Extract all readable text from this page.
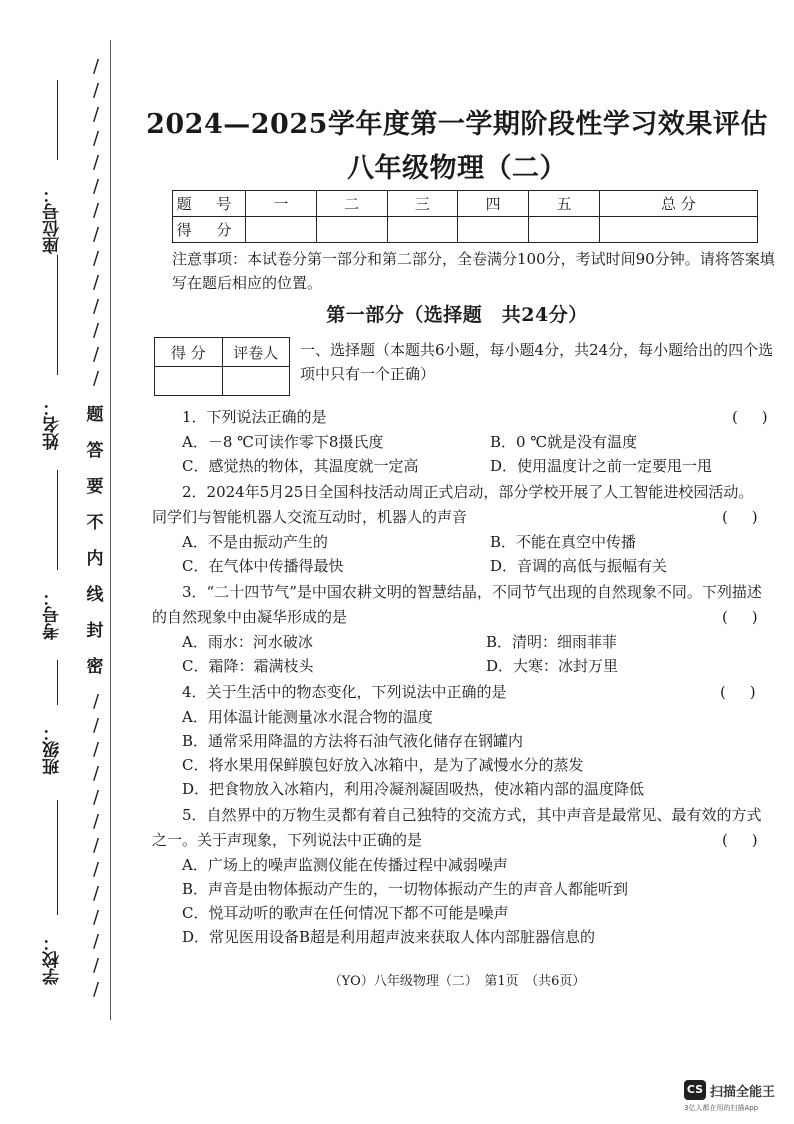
座位号：
姓名：
考号：
班级：
学校：
/
/
/
/
/
/
/
/
/
/
/
/
/
/
题
答
要
不
内
线
封
密
/
/
/
/
/
/
/
/
/
/
/
/
/
2024—2025学年度第一学期阶段性学习效果评估
八年级物理（二）
题 号	一	二	三	四	五	总 分
得 分						
注意事项：本试卷分第一部分和第二部分，全卷满分100分，考试时间90分钟。请将答案填写在题后相应的位置。
第一部分（选择题　共24分）
得 分	评卷人
	一、选择题（本题共6小题，每小题4分，共24分，每小题给出的四个选项中只有一个正确）
1．下列说法正确的是	(     )
A．－8 ℃可读作零下8摄氏度	B．0 ℃就是没有温度
C．感觉热的物体，其温度就一定高	D．使用温度计之前一定要甩一甩
2．2024年5月25日全国科技活动周正式启动，部分学校开展了人工智能进校园活动。
同学们与智能机器人交流互动时，机器人的声音	(     )
A．不是由振动产生的	B．不能在真空中传播
C．在气体中传播得最快	D．音调的高低与振幅有关
3．“二十四节气”是中国农耕文明的智慧结晶，不同节气出现的自然现象不同。下列描述
的自然现象中由凝华形成的是	(     )
A．雨水：河水破冰	B．清明：细雨菲菲
C．霜降：霜满枝头	D．大寒：冰封万里
4．关于生活中的物态变化，下列说法中正确的是	(     )
A．用体温计能测量冰水混合物的温度
B．通常采用降温的方法将石油气液化储存在钢罐内
C．将水果用保鲜膜包好放入冰箱中，是为了减慢水分的蒸发
D．把食物放入冰箱内，利用冷凝剂凝固吸热，使冰箱内部的温度降低
5．自然界中的万物生灵都有着自己独特的交流方式，其中声音是最常见、最有效的方式
之一。关于声现象，下列说法中正确的是	(     )
A．广场上的噪声监测仪能在传播过程中减弱噪声
B．声音是由物体振动产生的，一切物体振动产生的声音人都能听到
C．悦耳动听的歌声在任何情况下都不可能是噪声
D．常见医用设备B超是利用超声波来获取人体内部脏器信息的
（YO）八年级物理（二）　第1页　（共6页）
CS 扫描全能王
3亿人都在用的扫描App
